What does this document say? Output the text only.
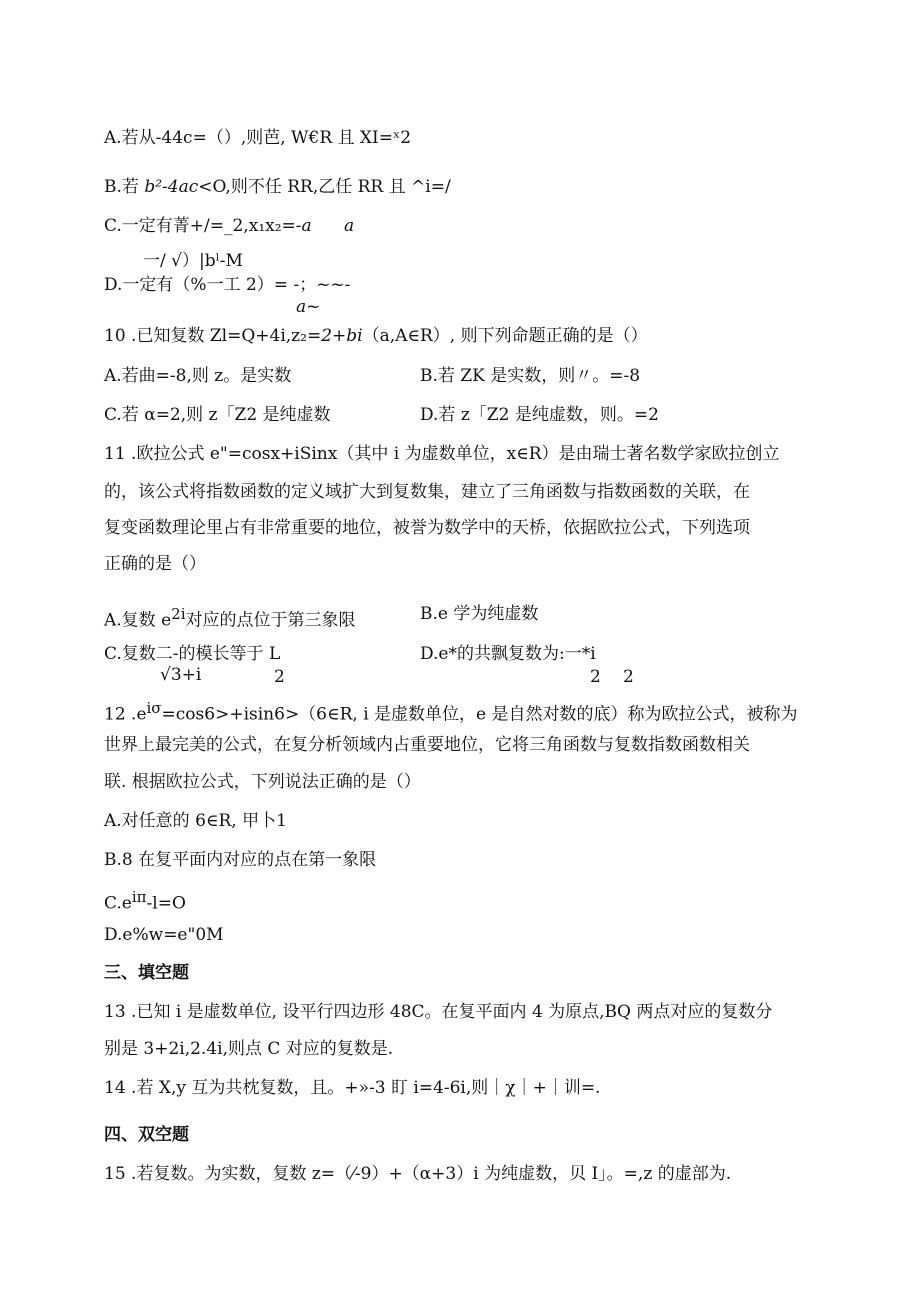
A.若从-44c=（）,则芭, W€R 且 XI=ˣ2
B.若 b²-4ac<O,则不任 RR,乙任 RR 且 ^i=/
C.一定有菁+/=_2,x₁x₂=-a a
一/ √）|bˡ-M
D.一定有（%一工 2）= -；~~-
a~
10 .已知复数 Zl=Q+4i,z₂=2+bi（a,A∈R）, 则下列命题正确的是（）
A.若曲=-8,则 z。是实数	B.若 ZK 是实数，则〃。=-8
C.若 α=2,则 z「Z2 是纯虚数	D.若 z「Z2 是纯虚数，则。=2
11 .欧拉公式 e"=cosx+iSinx（其中 i 为虚数单位，x∈R）是由瑞士著名数学家欧拉创立
的，该公式将指数函数的定义域扩大到复数集，建立了三角函数与指数函数的关联，在
复变函数理论里占有非常重要的地位，被誉为数学中的天桥，依据欧拉公式，下列选项
正确的是（）
A.复数 $e^{2i}$对应的点位于第三象限	B.e 学为纯虚数
C.复数二-的模长等于 L
√3+i	2
D.e*的共飘复数为:一*i
2 2
12 $.e^{i\sigma}=\cos 6>+isin6>(6\in R$, i 是虚数单位，e 是自然对数的底）称为欧拉公式，被称为
世界上最完美的公式，在复分析领域内占重要地位，它将三角函数与复数指数函数相关
联. 根据欧拉公式，下列说法正确的是（）
A.对任意的 6∈R, 甲卜1
B.8 在复平面内对应的点在第一象限
$C.e^{i\pi}-l=O$
D.e%w=e"0M
三、填空题
13 .已知 i 是虚数单位, 设平行四边形 48C。在复平面内 4 为原点,BQ 两点对应的复数分
别是 3+2i,2.4i,则点 C 对应的复数是.
14 .若 X,y 互为共枕复数，且。+»-3 盯 i=4-6i,则｜χ｜+｜训=.
四、双空题
15 .若复数。为实数，复数 z=（⁄-9）+（α+3）i 为纯虚数，贝 I」。=,z 的虚部为.
